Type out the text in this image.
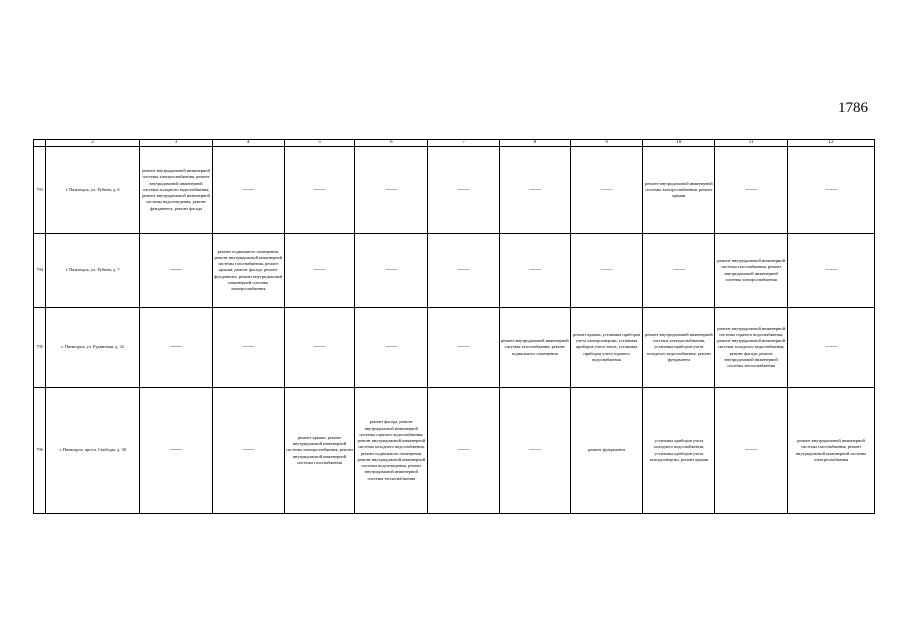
1786
	2	3	4	5	6	7	8	9	10	11	12
793	г. Пятигорск, ул. Рубина, д. 6	ремонт внутридомовой инженерной системы электроснабжения, ремонт внутридомовой инженерной системы холодного водоснабжения, ремонт внутридомовой инженерной системы водоотведения, ремонт фундамента, ремонт фасада	——	——	——	——	——	——	ремонт внутридомовой инженерной системы электроснабжения, ремонт крыши	——	——
794	г. Пятигорск, ул. Рубина, д. 7	——	ремонт подвального помещения, ремонт внутридомовой инженерной системы газоснабжения, ремонт крыши, ремонт фасада, ремонт фундамента, ремонт внутридомовой инженерной системы электроснабжения	——	——	——	——	——	——	ремонт внутридомовой инженерной системы газоснабжения, ремонт внутридомовой инженерной системы электроснабжения	——
795	г. Пятигорск, ул. Рудничная, д. 32	——	——	——	——	——	ремонт внутридомовой инженерной системы газоснабжения, ремонт подвального помещения	ремонт крыши, установка приборов учета электроэнергии, установка приборов учета тепла, установка приборов учета горячего водоснабжения	ремонт внутридомовой инженерной системы электроснабжения, установка приборов учета холодного водоснабжения, ремонт фундамента	ремонт внутридомовой инженерной системы горячего водоснабжения, ремонт внутридомовой инженерной системы холодного водоснабжения, ремонт фасада, ремонт внутридомовой инженерной системы теплоснабжения	——
796	г. Пятигорск, просп. Свободы, д. 38	——	——	ремонт крыши, ремонт внутридомовой инженерной системы электроснабжения, ремонт внутридомовой инженерной системы газоснабжения	ремонт фасада, ремонт внутридомовой инженерной системы горячего водоснабжения, ремонт внутридомовой инженерной системы холодного водоснабжения, ремонт подвального помещения, ремонт внутридомовой инженерной системы водоотведения, ремонт внутридомовой инженерной системы теплоснабжения	——	——	ремонт фундамента	установка приборов учета холодного водоснабжения, установка приборов учета электроэнергии, ремонт крыши	——	ремонт внутридомовой инженерной системы газоснабжения, ремонт внутридомовой инженерной системы электроснабжения
